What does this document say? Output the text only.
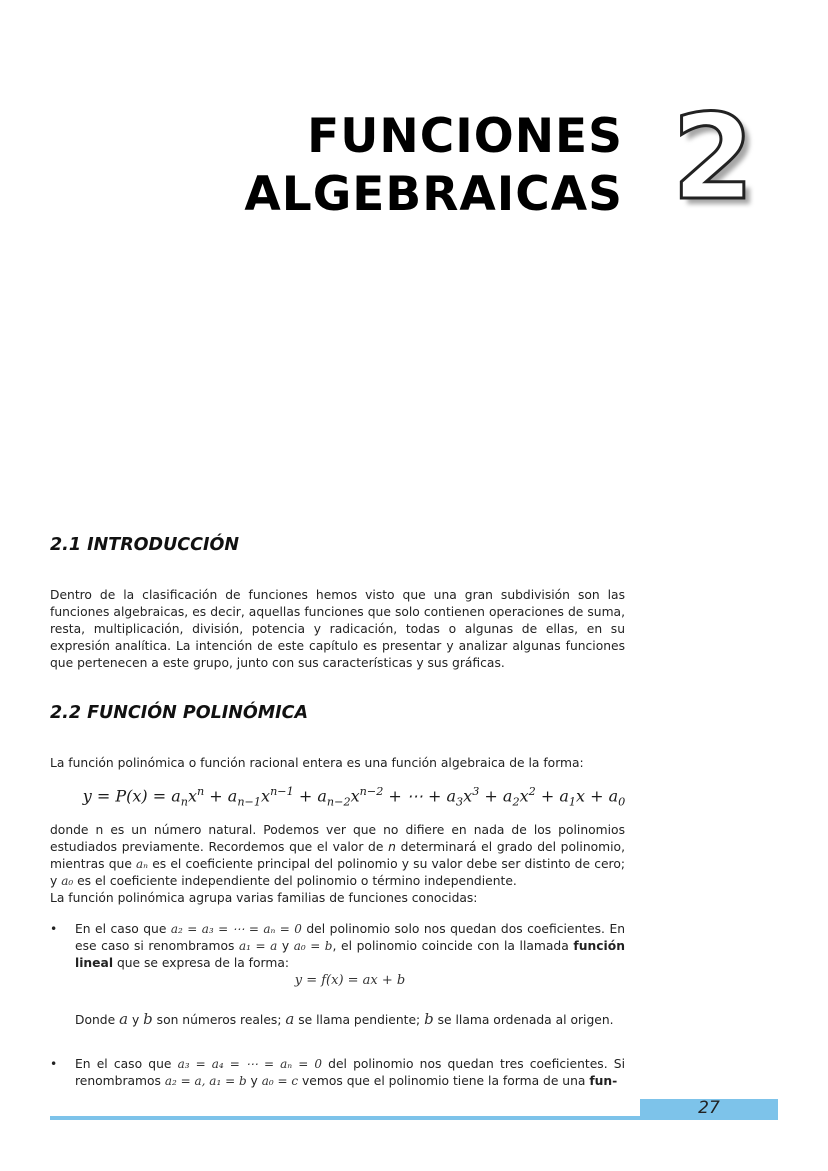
FUNCIONES
ALGEBRAICAS 2
2.1 INTRODUCCIÓN

Dentro de la clasificación de funciones hemos visto que una gran subdivisión son las funciones algebraicas, es decir, aquellas funciones que solo contienen operaciones de suma, resta, multiplicación, división, potencia y radicación, todas o algunas de ellas, en su expresión analítica. La intención de este capítulo es presentar y analizar algunas funciones que pertenecen a este grupo, junto con sus características y sus gráficas.

2.2 FUNCIÓN POLINÓMICA
La función polinómica o función racional entera es una función algebraica de la forma:
$y = P(x) = a_nx^n + a_{n-1}x^{n-1} + a_{n-2}x^{n-2}$ + ⋯ + $a_3x^3 + a_2x^2 + a_1x + a_0$

donde n es un número natural. Podemos ver que no difiere en nada de los polinomios estudiados previamente. Recordemos que el valor de n determinará el grado del polinomio, mientras que aₙ es el coeficiente principal del polinomio y su valor debe ser distinto de cero; y a₀ es el coeficiente independiente del polinomio o término independiente.

La función polinómica agrupa varias familias de funciones conocidas:

• En el caso que a₂ = a₃ = ⋯ = aₙ = 0 del polinomio solo nos quedan dos coeficientes. En ese caso si renombramos a₁ = a y a₀ = b, el polinomio coincide con la llamada función lineal que se expresa de la forma:

y = f(x) = ax + b

Donde a y b son números reales; a se llama pendiente; b se llama ordenada al origen.
• En el caso que a₃ = a₄ = ⋯ = aₙ = 0 del polinomio nos quedan tres coeficientes. Si renombramos a₂ = a, a₁ = b y a₀ = c vemos que el polinomio tiene la forma de una fun-
27
